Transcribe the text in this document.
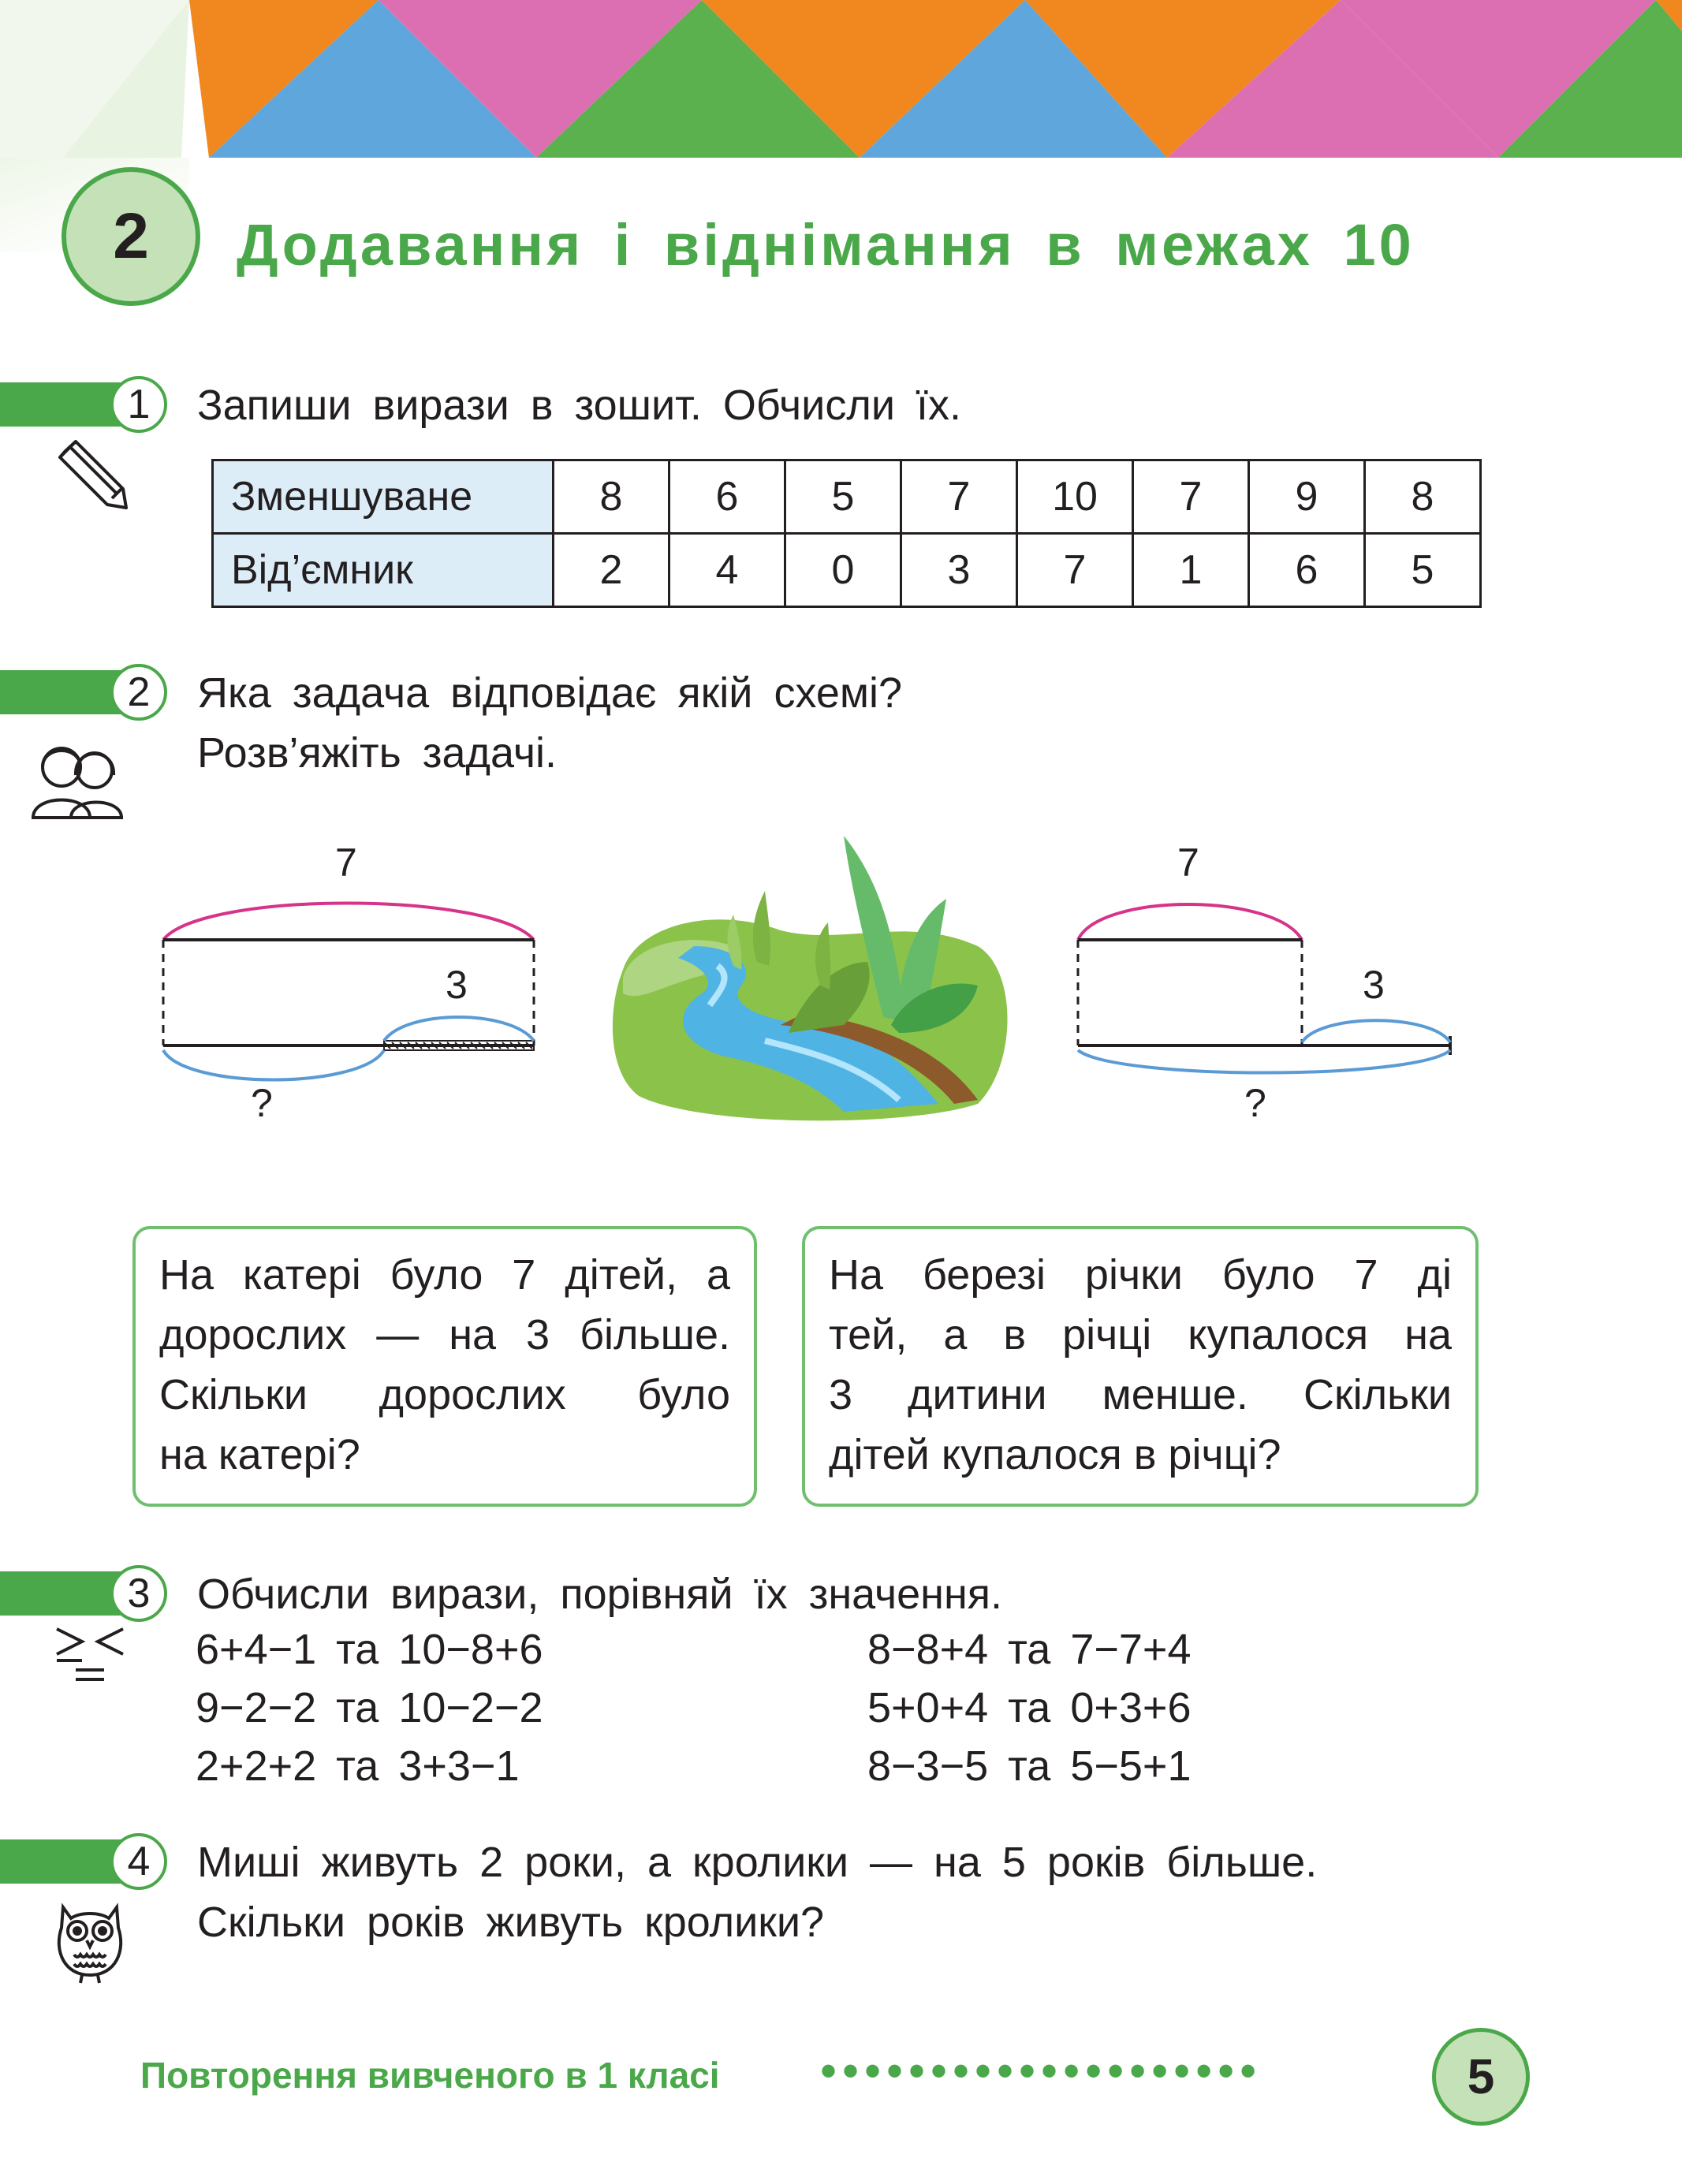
2	Додавання і віднімання в межах 10
1	Запиши вирази в зошит. Обчисли їх.
Зменшуване	8	6	5	7	10	7	9	8
Від’ємник	2	4	0	3	7	1	6	5
2	Яка задача відповідає якій схемі?
Розв’яжіть задачі.
7
3
?
7
3
?
На катері було 7 дітей, а
дорослих — на 3 більше.
Скільки дорослих було
на катері?
На березі річки було 7 ді
тей, а в річці купалося на
3 дитини менше. Скільки
дітей купалося в річці?
3	Обчисли вирази, порівняй їх значення.
6+4−1 та 10−8+6
9−2−2 та 10−2−2
2+2+2 та 3+3−1
8−8+4 та 7−7+4
5+0+4 та 0+3+6
8−3−5 та 5−5+1
4	Миші живуть 2 роки, а кролики — на 5 років більше.
Скільки років живуть кролики?
Повторення вивченого в 1 класі ••••••••••••••••••••	5
